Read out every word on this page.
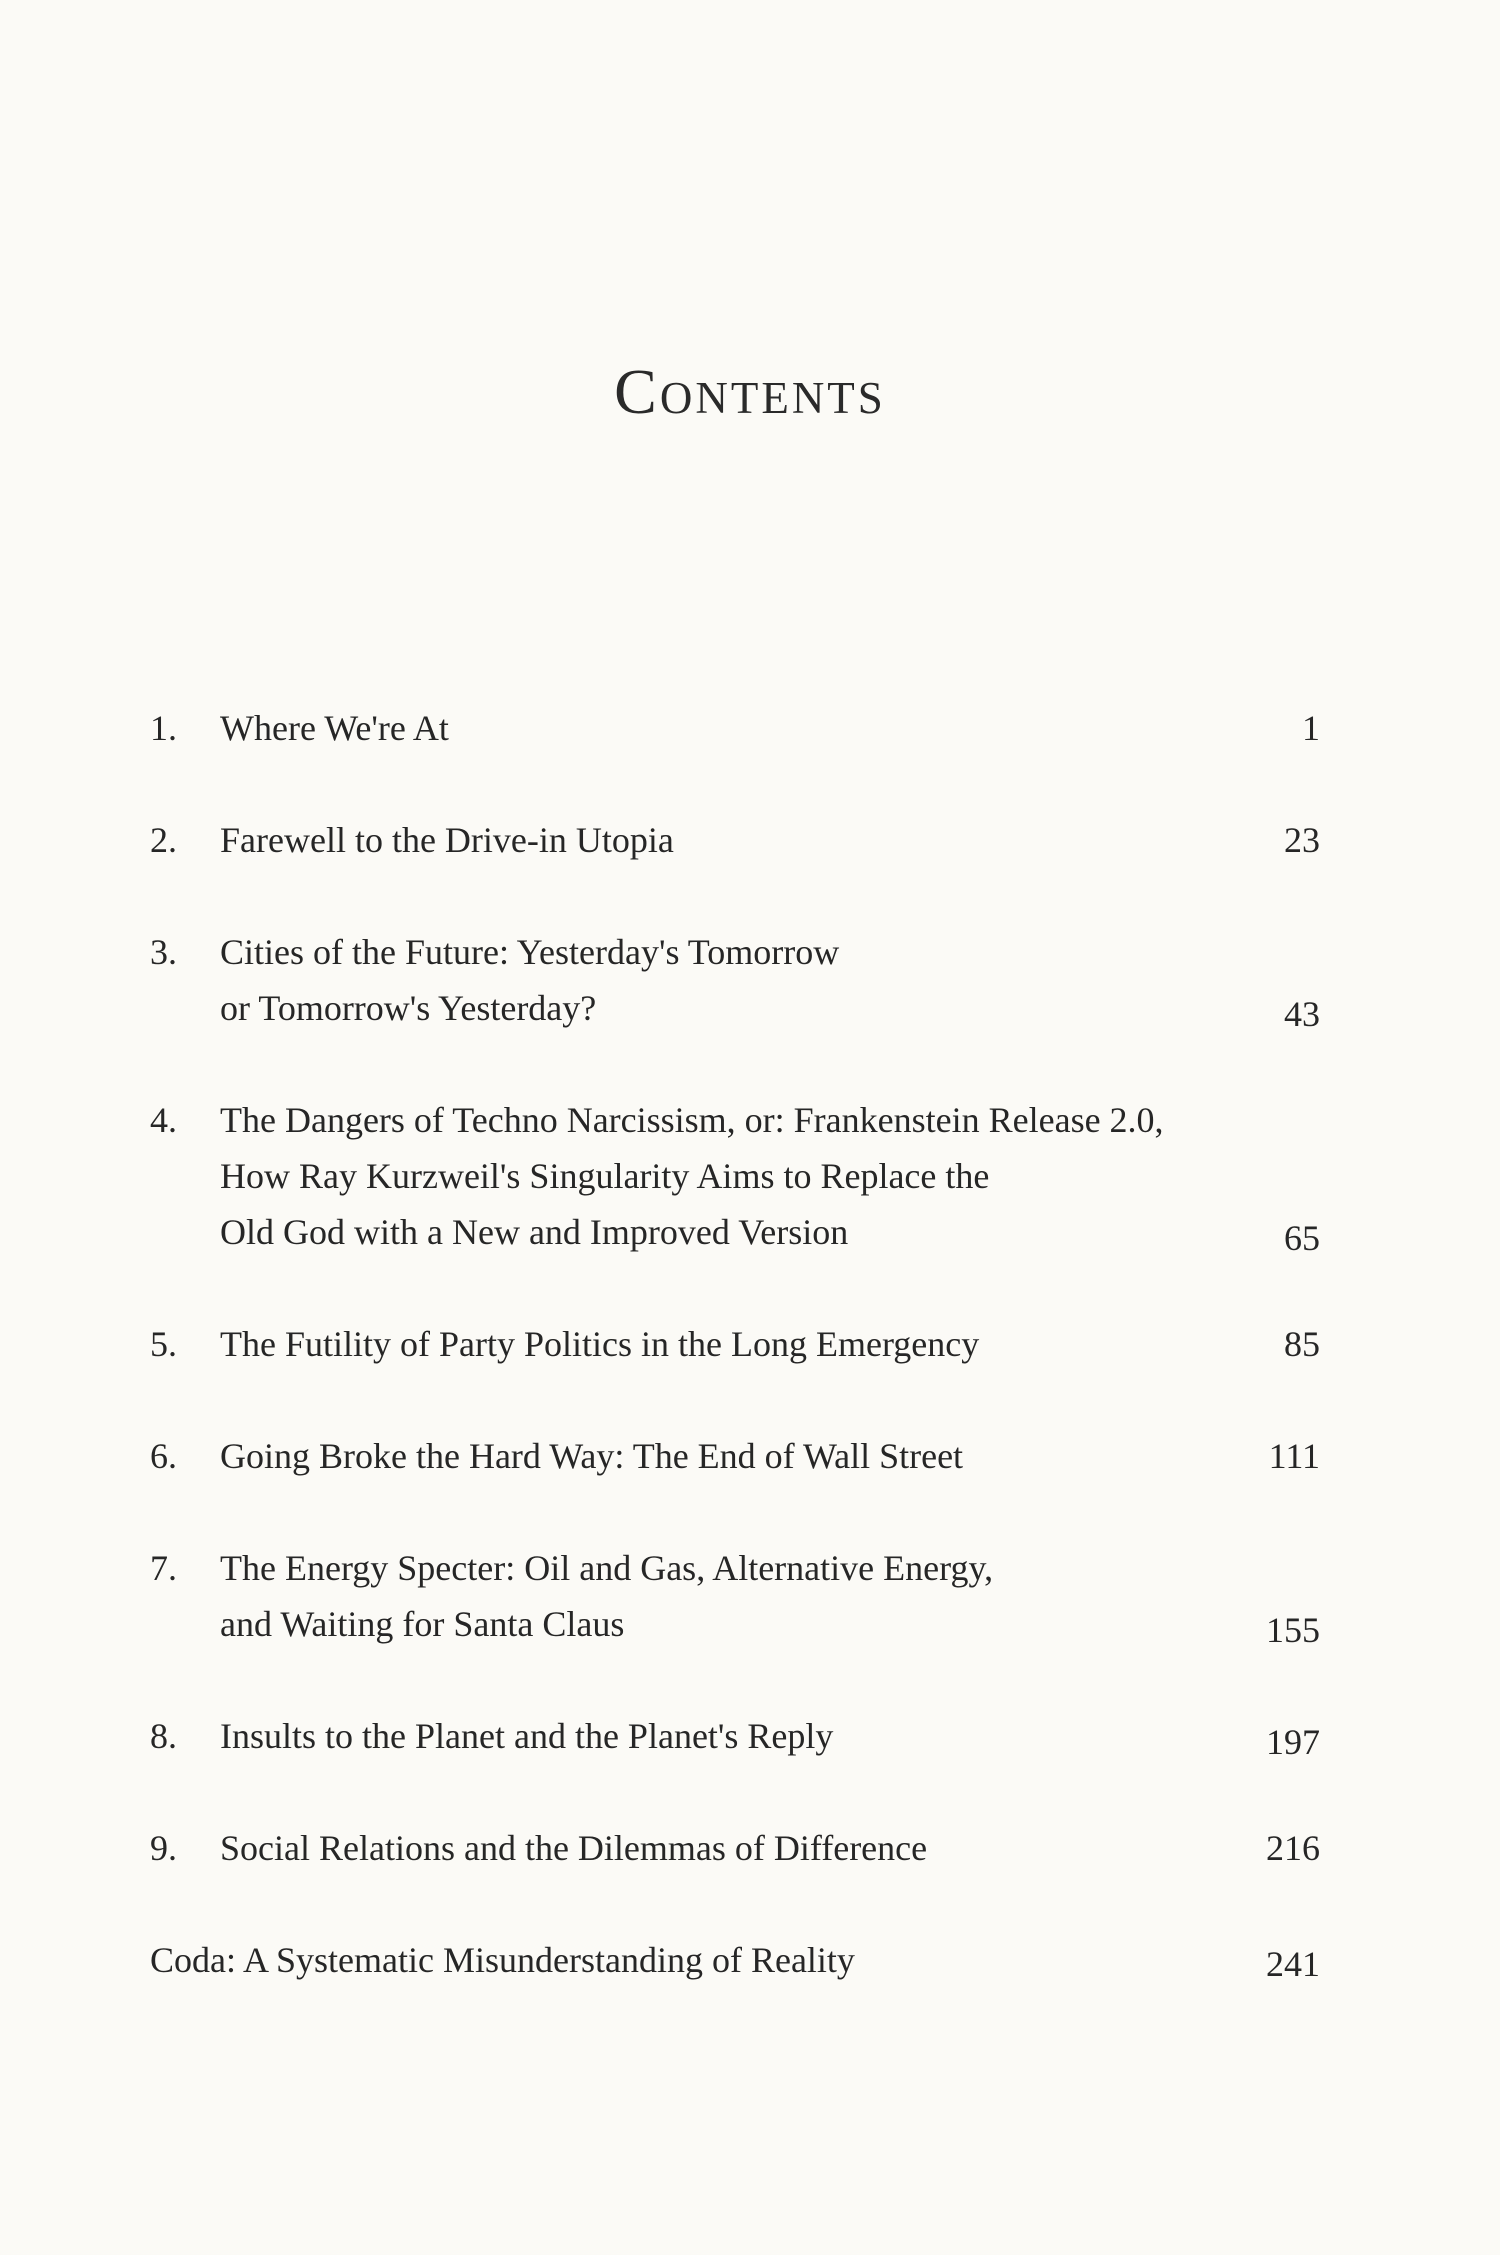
Contents
1.	Where We're At	1
2.	Farewell to the Drive-in Utopia	23
3.	Cities of the Future: Yesterday's Tomorrow
or Tomorrow's Yesterday?	43
4.	The Dangers of Techno Narcissism, or: Frankenstein Release 2.0,
How Ray Kurzweil's Singularity Aims to Replace the
Old God with a New and Improved Version	65
5.	The Futility of Party Politics in the Long Emergency	85
6.	Going Broke the Hard Way: The End of Wall Street	111
7.	The Energy Specter: Oil and Gas, Alternative Energy,
and Waiting for Santa Claus	155
8.	Insults to the Planet and the Planet's Reply	197
9.	Social Relations and the Dilemmas of Difference	216
Coda: A Systematic Misunderstanding of Reality	241
